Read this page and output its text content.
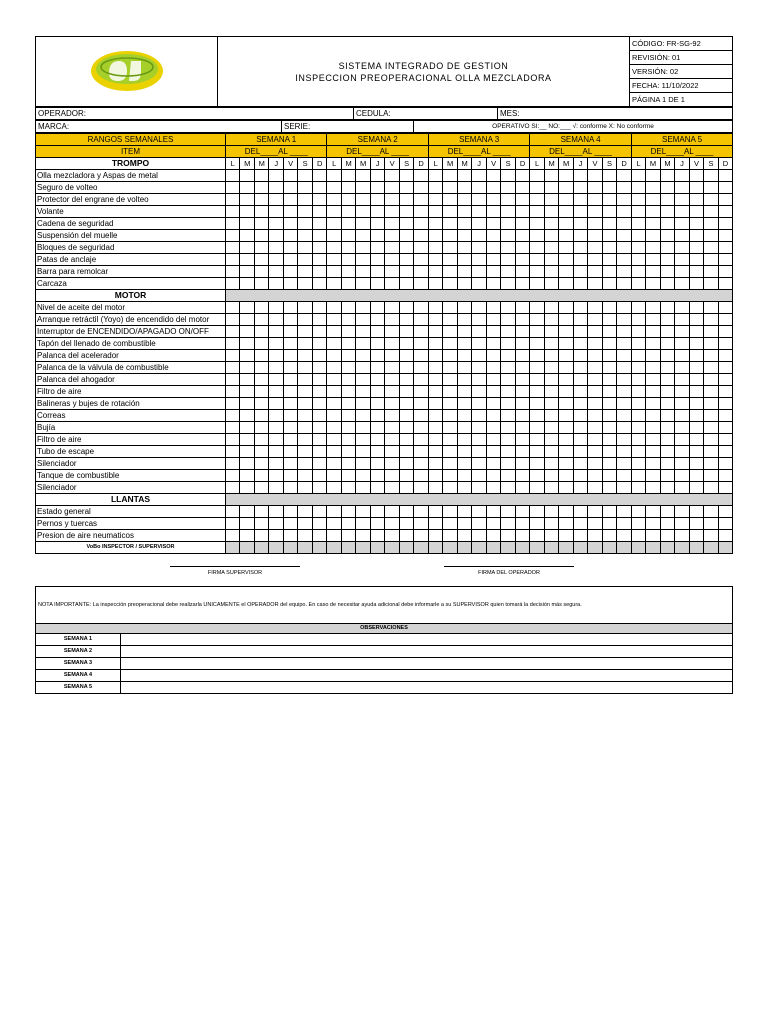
SISTEMA INTEGRADO DE GESTION
INSPECCION PREOPERACIONAL OLLA MEZCLADORA
	CÓDIGO: FR-SG-92
REVISIÓN: 01
VERSIÓN: 02
FECHA: 11/10/2022
PÁGINA 1 DE 1
OPERADOR:	CEDULA:	MES:
MARCA:	SERIE:	OPERATIVO SI:__ NO:___ √: conforme X: No conforme
RANGOS SEMANALES	SEMANA 1							SEMANA 2							SEMANA 3							SEMANA 4							SEMANA 5						
ITEM	DEL____AL ____							DEL____AL ____							DEL____AL ____							DEL____AL ____							DEL____AL ____						
TROMPO	L	M	M	J	V	S	D	L	M	M	J	V	S	D	L	M	M	J	V	S	D	L	M	M	J	V	S	D	L	M	M	J	V	S	D
Olla mezcladora y Aspas de metal																																			
Seguro de volteo																																			
Protector del engrane de volteo																																			
Volante																																			
Cadena de seguridad																																			
Suspensión del muelle																																			
Bloques de seguridad																																			
Patas de anclaje																																			
Barra para remolcar																																			
Carcaza																																			
MOTOR																																			
Nivel de aceite del motor																																			
Arranque retráctil (Yoyo) de encendido del motor																																			
Interruptor de ENCENDIDO/APAGADO ON/OFF																																			
Tapón del llenado de combustible																																			
Palanca del acelerador																																			
Palanca de la válvula de combustible																																			
Palanca del ahogador																																			
Filtro de aire																																			
Balineras y bujes de rotación																																			
Correas																																			
Bujía																																			
Filtro de aire																																			
Tubo de escape																																			
Silenciador																																			
Tanque de combustible																																			
Silenciador																																			
LLANTAS																																			
Estado general																																			
Pernos y tuercas																																			
Presion de aire neumaticos																																			
VoBo INSPECTOR / SUPERVISOR																																			
FIRMA SUPERVISOR	FIRMA DEL OPERADOR
NOTA IMPORTANTE: La inspección preoperacional debe realizarla UNICAMENTE el OPERADOR del equipo. En caso de necesitar ayuda adicional debe informarle a su SUPERVISOR quien tomará la decisión más segura.	
OBSERVACIONES	
SEMANA 1	
SEMANA 2	
SEMANA 3	
SEMANA 4	
SEMANA 5	
